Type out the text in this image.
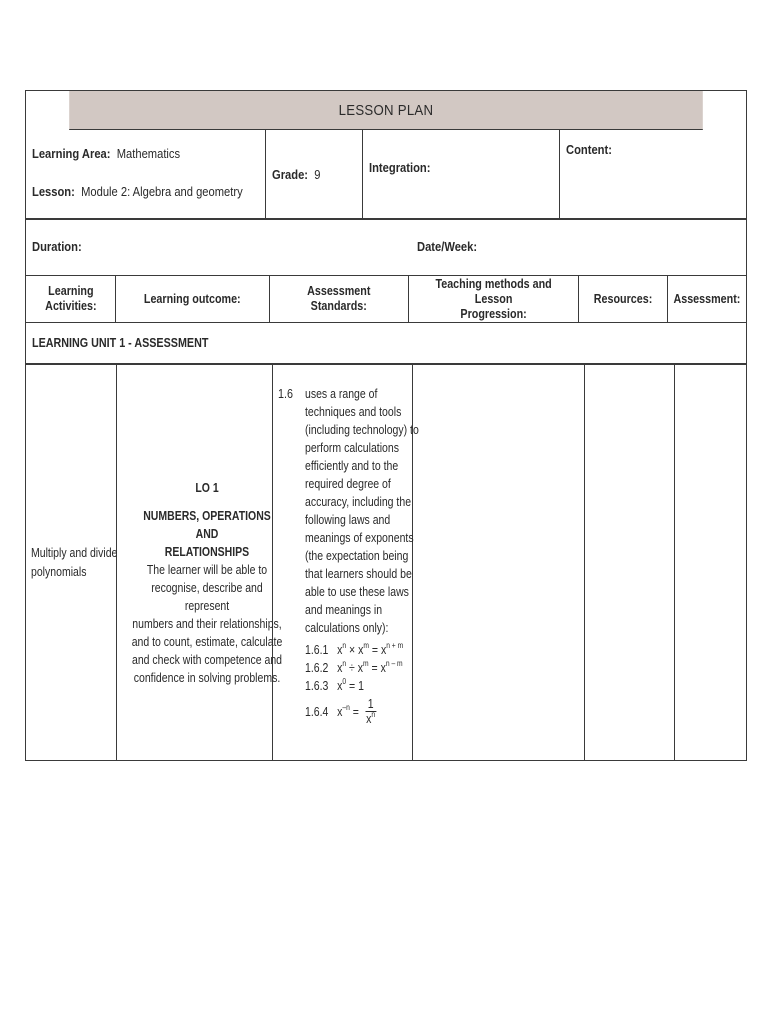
LESSON PLAN
Learning Area: Mathematics
Lesson: Module 2: Algebra and geometry
Grade: 9	Integration:
Content:
Duration:	Date/Week:
Learning
Activities:
Learning outcome:
Assessment Standards:
Teaching methods and Lesson
Progression:
Resources: Assessment:
LEARNING UNIT 1 - ASSESSMENT
Multiply and divide
polynomials
LO 1
NUMBERS, OPERATIONS AND
RELATIONSHIPS
The learner will be able to
recognise, describe and represent
numbers and their relationships,
and to count, estimate, calculate
and check with competence and
confidence in solving problems.
1.6 uses a range of
techniques and tools
(including technology) to
perform calculations
efficiently and to the
required degree of
accuracy, including the
following laws and
meanings of exponents
(the expectation being
that learners should be
able to use these laws
and meanings in
calculations only):
1.6.1 $x^n \times x^m = x^{n + m}$
1.6.2 $x^n \div x^m = x^{n - m}$
1.6.3 $x^0 = 1$
1.6.4 $x^{-n} = \frac{1}{x^n}$
